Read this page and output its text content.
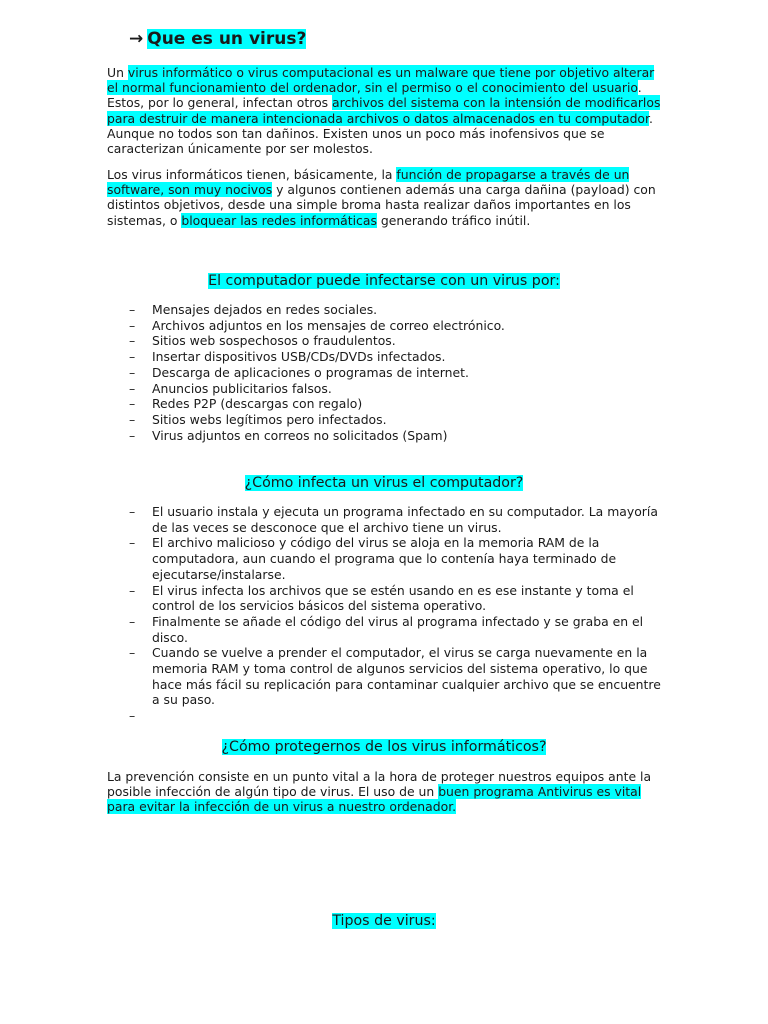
→ Que es un virus?

Un virus informático o virus computacional es un malware que tiene por objetivo alterar el normal funcionamiento del ordenador, sin el permiso o el conocimiento del usuario. Estos, por lo general, infectan otros archivos del sistema con la intensión de modificarlos para destruir de manera intencionada archivos o datos almacenados en tu computador. Aunque no todos son tan dañinos. Existen unos un poco más inofensivos que se caracterizan únicamente por ser molestos.

Los virus informáticos tienen, básicamente, la función de propagarse a través de un software, son muy nocivos y algunos contienen además una carga dañina (payload) con distintos objetivos, desde una simple broma hasta realizar daños importantes en los sistemas, o bloquear las redes informáticas generando tráfico inútil.

El computador puede infectarse con un virus por:
– Mensajes dejados en redes sociales.
– Archivos adjuntos en los mensajes de correo electrónico.
– Sitios web sospechosos o fraudulentos.
– Insertar dispositivos USB/CDs/DVDs infectados.
– Descarga de aplicaciones o programas de internet.
– Anuncios publicitarios falsos.
– Redes P2P (descargas con regalo)
– Sitios webs legítimos pero infectados.
– Virus adjuntos en correos no solicitados (Spam)
¿Cómo infecta un virus el computador?
– El usuario instala y ejecuta un programa infectado en su computador. La mayoría de las veces se desconoce que el archivo tiene un virus.
– El archivo malicioso y código del virus se aloja en la memoria RAM de la computadora, aun cuando el programa que lo contenía haya terminado de ejecutarse/instalarse.
– El virus infecta los archivos que se estén usando en es ese instante y toma el control de los servicios básicos del sistema operativo.
– Finalmente se añade el código del virus al programa infectado y se graba en el disco.
– Cuando se vuelve a prender el computador, el virus se carga nuevamente en la memoria RAM y toma control de algunos servicios del sistema operativo, lo que hace más fácil su replicación para contaminar cualquier archivo que se encuentre a su paso.
–
¿Cómo protegernos de los virus informáticos?

La prevención consiste en un punto vital a la hora de proteger nuestros equipos ante la posible infección de algún tipo de virus. El uso de un buen programa Antivirus es vital para evitar la infección de un virus a nuestro ordenador.

Tipos de virus:
